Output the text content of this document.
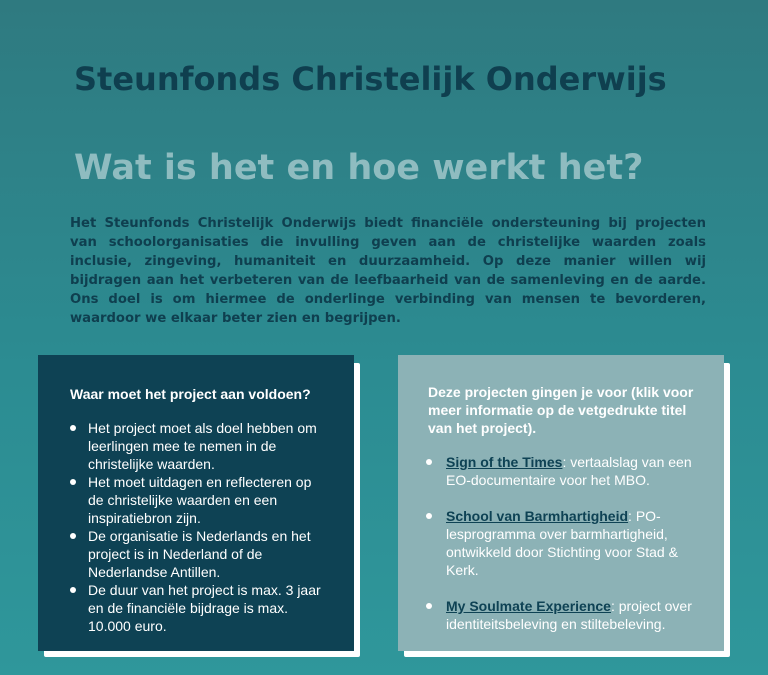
Steunfonds Christelijk Onderwijs
Wat is het en hoe werkt het?
Het Steunfonds Christelijk Onderwijs biedt financiële ondersteuning bij projecten van schoolorganisaties die invulling geven aan de christelijke waarden zoals inclusie, zingeving, humaniteit en duurzaamheid. Op deze manier willen wij bijdragen aan het verbeteren van de leefbaarheid van de samenleving en de aarde. Ons doel is om hiermee de onderlinge verbinding van mensen te bevorderen, waardoor we elkaar beter zien en begrijpen.
Waar moet het project aan voldoen?
Het project moet als doel hebben om leerlingen mee te nemen in de christelijke waarden.
Het moet uitdagen en reflecteren op de christelijke waarden en een inspiratiebron zijn.
De organisatie is Nederlands en het project is in Nederland of de Nederlandse Antillen.
De duur van het project is max. 3 jaar en de financiële bijdrage is max. 10.000 euro.
Deze projecten gingen je voor (klik voor meer informatie op de vetgedrukte titel van het project).
Sign of the Times: vertaalslag van een EO-documentaire voor het MBO.
School van Barmhartigheid: PO-lesprogramma over barmhartigheid, ontwikkeld door Stichting voor Stad & Kerk.
My Soulmate Experience: project over identiteitsbeleving en stiltebeleving.
